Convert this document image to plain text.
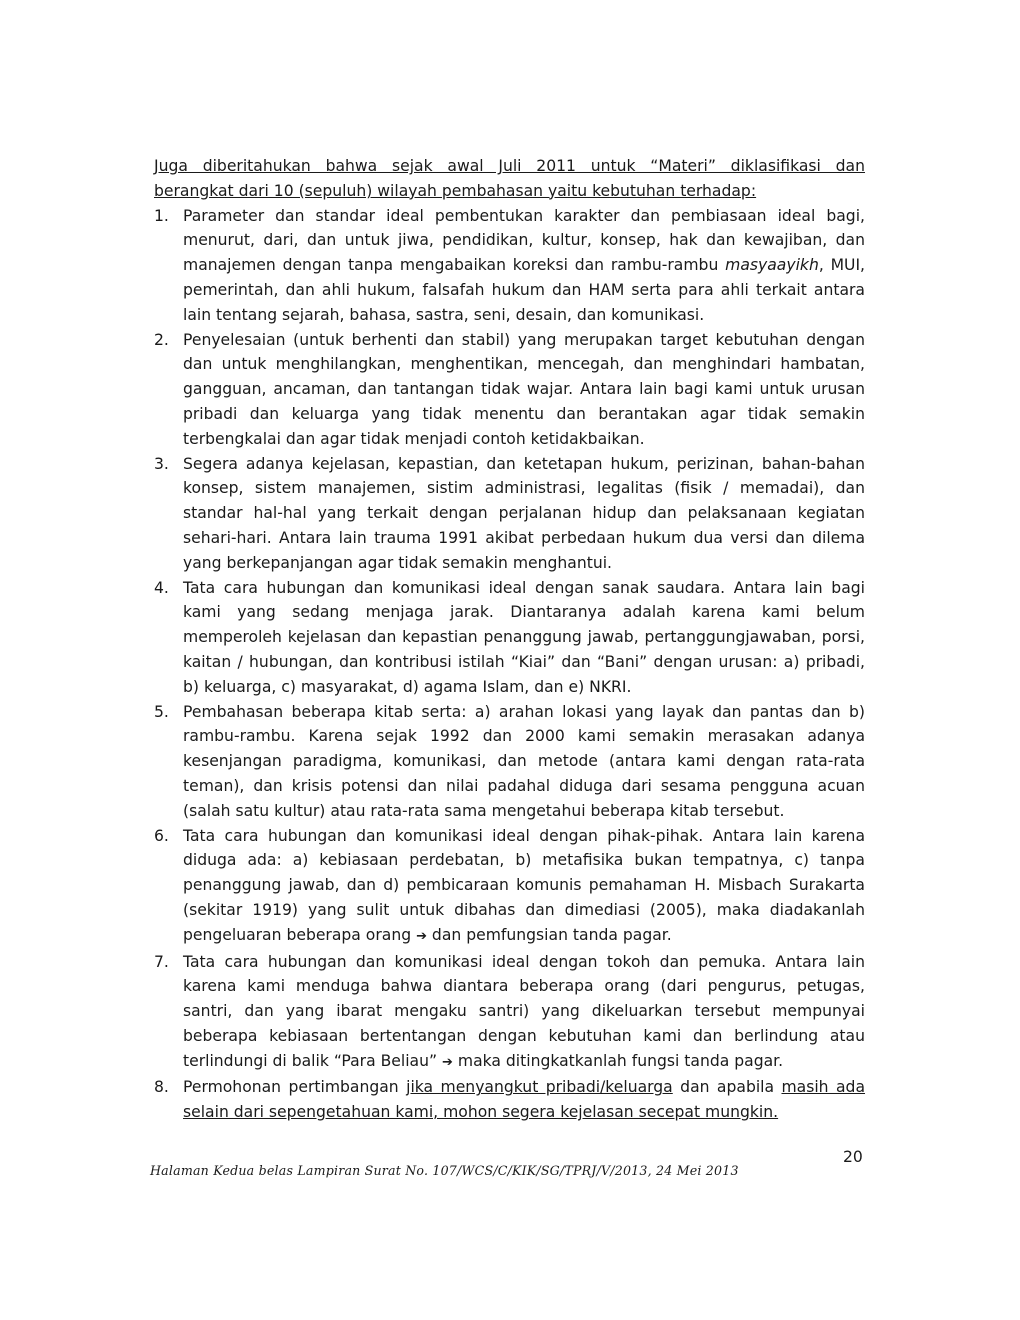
Juga diberitahukan bahwa sejak awal Juli 2011 untuk “Materi” diklasifikasi dan
berangkat dari 10 (sepuluh) wilayah pembahasan yaitu kebutuhan terhadap:

1. Parameter dan standar ideal pembentukan karakter dan pembiasaan ideal bagi, menurut, dari, dan untuk jiwa, pendidikan, kultur, konsep, hak dan kewajiban, dan manajemen dengan tanpa mengabaikan koreksi dan rambu-rambu masyaayikh, MUI, pemerintah, dan ahli hukum, falsafah hukum dan HAM serta para ahli terkait antara lain tentang sejarah, bahasa, sastra, seni, desain, dan komunikasi.
2. Penyelesaian (untuk berhenti dan stabil) yang merupakan target kebutuhan dengan dan untuk menghilangkan, menghentikan, mencegah, dan menghindari hambatan, gangguan, ancaman, dan tantangan tidak wajar. Antara lain bagi kami untuk urusan pribadi dan keluarga yang tidak menentu dan berantakan agar tidak semakin terbengkalai dan agar tidak menjadi contoh ketidakbaikan.
3. Segera adanya kejelasan, kepastian, dan ketetapan hukum, perizinan, bahan-bahan konsep, sistem manajemen, sistim administrasi, legalitas (fisik / memadai), dan standar hal-hal yang terkait dengan perjalanan hidup dan pelaksanaan kegiatan sehari-hari. Antara lain trauma 1991 akibat perbedaan hukum dua versi dan dilema yang berkepanjangan agar tidak semakin menghantui.
4. Tata cara hubungan dan komunikasi ideal dengan sanak saudara. Antara lain bagi kami yang sedang menjaga jarak. Diantaranya adalah karena kami belum memperoleh kejelasan dan kepastian penanggung jawab, pertanggungjawaban, porsi, kaitan / hubungan, dan kontribusi istilah “Kiai” dan “Bani” dengan urusan: a) pribadi, b) keluarga, c) masyarakat, d) agama Islam, dan e) NKRI.
5. Pembahasan beberapa kitab serta: a) arahan lokasi yang layak dan pantas dan b) rambu-rambu. Karena sejak 1992 dan 2000 kami semakin merasakan adanya kesenjangan paradigma, komunikasi, dan metode (antara kami dengan rata-rata teman), dan krisis potensi dan nilai padahal diduga dari sesama pengguna acuan (salah satu kultur) atau rata-rata sama mengetahui beberapa kitab tersebut.
6. Tata cara hubungan dan komunikasi ideal dengan pihak-pihak. Antara lain karena diduga ada: a) kebiasaan perdebatan, b) metafisika bukan tempatnya, c) tanpa penanggung jawab, dan d) pembicaraan komunis pemahaman H. Misbach Surakarta (sekitar 1919) yang sulit untuk dibahas dan dimediasi (2005), maka diadakanlah pengeluaran beberapa orang ➔ dan pemfungsian tanda pagar.
7. Tata cara hubungan dan komunikasi ideal dengan tokoh dan pemuka. Antara lain karena kami menduga bahwa diantara beberapa orang (dari pengurus, petugas, santri, dan yang ibarat mengaku santri) yang dikeluarkan tersebut mempunyai beberapa kebiasaan bertentangan dengan kebutuhan kami dan berlindung atau terlindungi di balik “Para Beliau” ➔ maka ditingkatkanlah fungsi tanda pagar.
8. Permohonan pertimbangan jika menyangkut pribadi/keluarga dan apabila masih ada selain dari sepengetahuan kami, mohon segera kejelasan secepat mungkin.
20
Halaman Kedua belas Lampiran Surat No. 107/WCS/C/KIK/SG/TPRJ/V/2013, 24 Mei 2013
